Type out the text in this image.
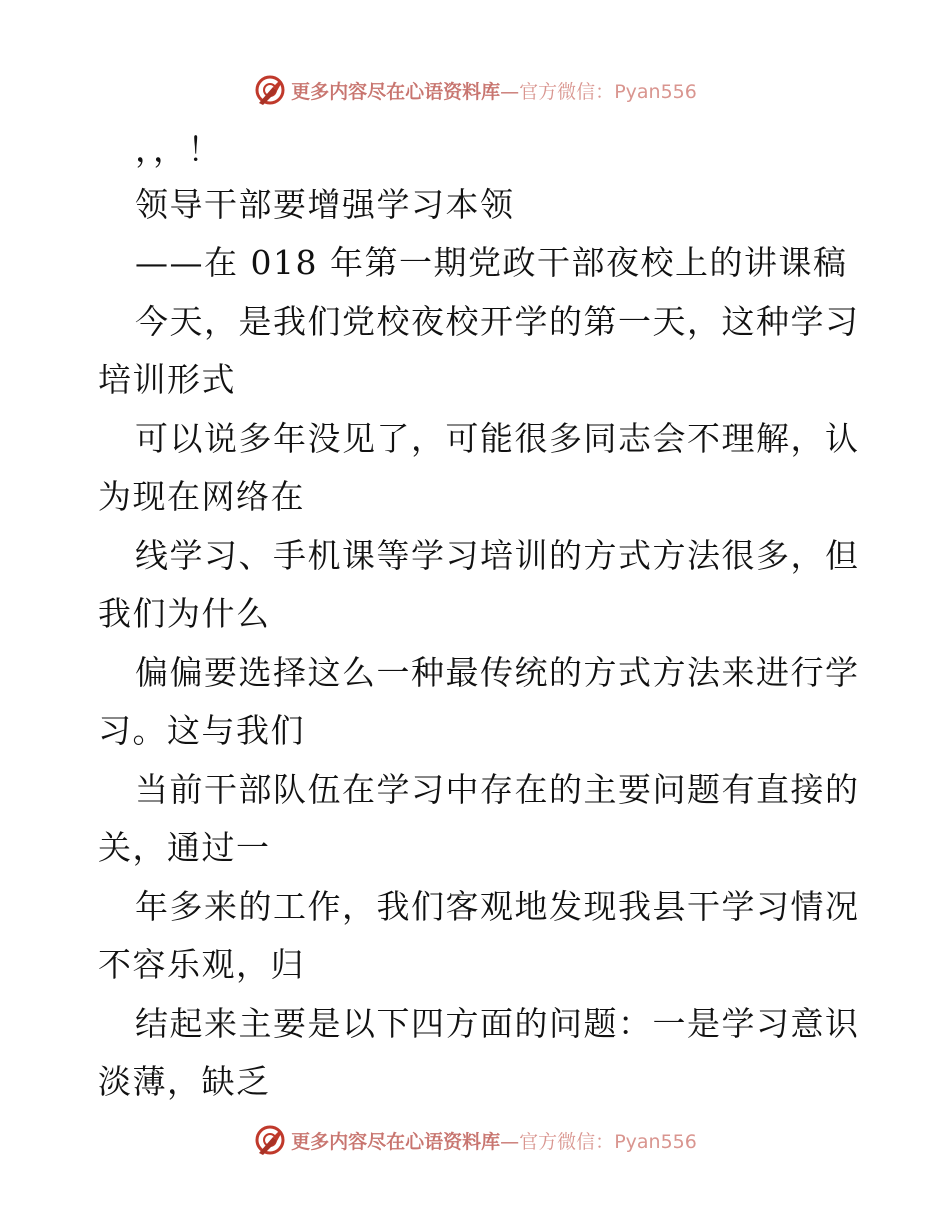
更多内容尽在心语资料库—官方微信：Pyan556
，，！
领导干部要增强学习本领
——在 018 年第一期党政干部夜校上的讲课稿
今天，是我们党校夜校开学的第一天，这种学习
培训形式
可以说多年没见了，可能很多同志会不理解，认
为现在网络在
线学习、手机课等学习培训的方式方法很多，但
我们为什么
偏偏要选择这么一种最传统的方式方法来进行学
习。这与我们
当前干部队伍在学习中存在的主要问题有直接的
关，通过一
年多来的工作，我们客观地发现我县干学习情况
不容乐观，归
结起来主要是以下四方面的问题：一是学习意识
淡薄，缺乏
更多内容尽在心语资料库—官方微信：Pyan556
